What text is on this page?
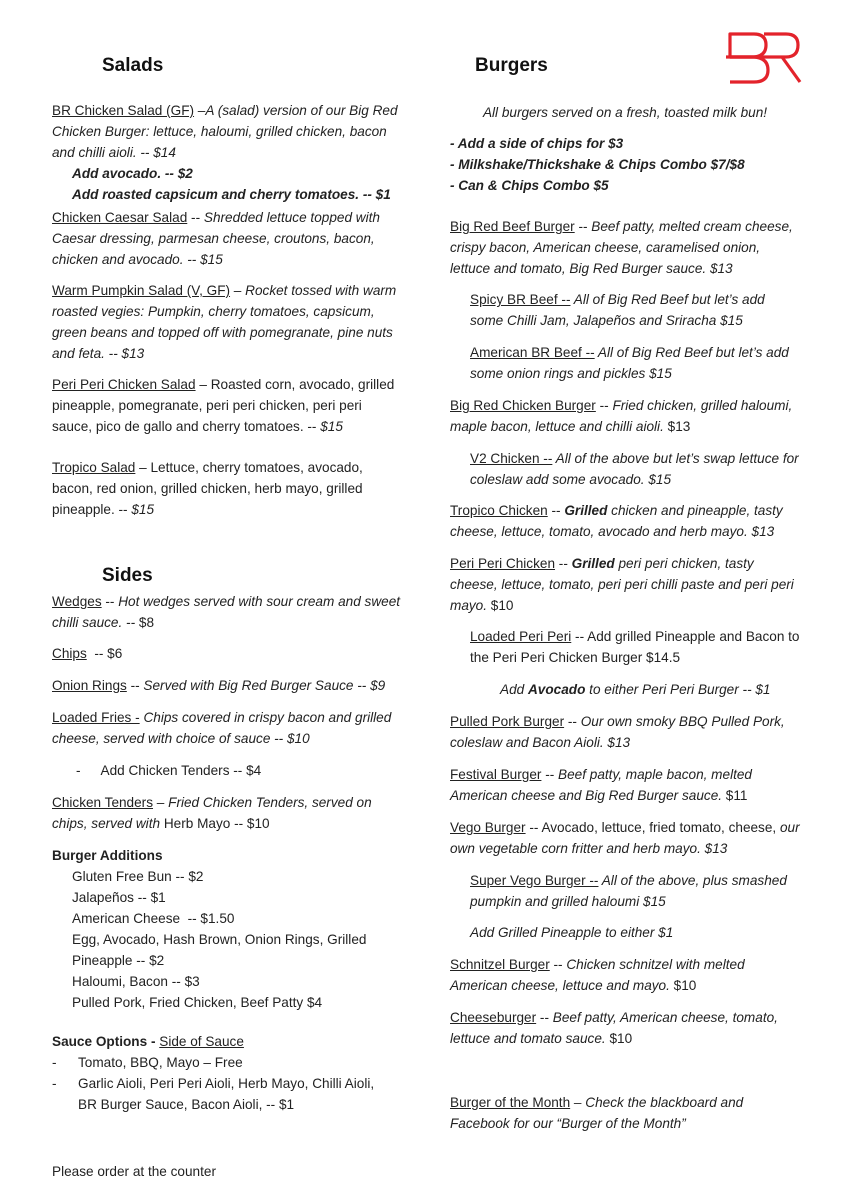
Salads
BR Chicken Salad (GF) –A (salad) version of our Big Red Chicken Burger: lettuce, haloumi, grilled chicken, bacon and chilli aioli. -- $14
Add avocado. -- $2
Add roasted capsicum and cherry tomatoes. -- $1
Chicken Caesar Salad -- Shredded lettuce topped with Caesar dressing, parmesan cheese, croutons, bacon, chicken and avocado. -- $15
Warm Pumpkin Salad (V, GF) – Rocket tossed with warm roasted vegies: Pumpkin, cherry tomatoes, capsicum, green beans and topped off with pomegranate, pine nuts and feta. -- $13
Peri Peri Chicken Salad – Roasted corn, avocado, grilled pineapple, pomegranate, peri peri chicken, peri peri sauce, pico de gallo and cherry tomatoes. -- $15
Tropico Salad – Lettuce, cherry tomatoes, avocado, bacon, red onion, grilled chicken, herb mayo, grilled pineapple. -- $15
Sides
Wedges -- Hot wedges served with sour cream and sweet chilli sauce. -- $8
Chips  -- $6
Onion Rings -- Served with Big Red Burger Sauce -- $9
Loaded Fries - Chips covered in crispy bacon and grilled cheese, served with choice of sauce -- $10
- Add Chicken Tenders -- $4
Chicken Tenders – Fried Chicken Tenders, served on chips, served with Herb Mayo -- $10
Burger Additions
Gluten Free Bun -- $2
Jalapeños -- $1
American Cheese  -- $1.50
Egg, Avocado, Hash Brown, Onion Rings, Grilled
Pineapple -- $2
Haloumi, Bacon -- $3
Pulled Pork, Fried Chicken, Beef Patty $4
Sauce Options - Side of Sauce
- Tomato, BBQ, Mayo – Free
- Garlic Aioli, Peri Peri Aioli, Herb Mayo, Chilli Aioli,
BR Burger Sauce, Bacon Aioli, -- $1
Please order at the counter
Burgers
All burgers served on a fresh, toasted milk bun!
- Add a side of chips for $3
- Milkshake/Thickshake & Chips Combo $7/$8
- Can & Chips Combo $5
Big Red Beef Burger -- Beef patty, melted cream cheese, crispy bacon, American cheese, caramelised onion, lettuce and tomato, Big Red Burger sauce. $13
Spicy BR Beef -- All of Big Red Beef but let’s add some Chilli Jam, Jalapeños and Sriracha $15
American BR Beef -- All of Big Red Beef but let’s add some onion rings and pickles $15
Big Red Chicken Burger -- Fried chicken, grilled haloumi, maple bacon, lettuce and chilli aioli. $13
V2 Chicken -- All of the above but let’s swap lettuce for coleslaw add some avocado. $15
Tropico Chicken -- Grilled chicken and pineapple, tasty cheese, lettuce, tomato, avocado and herb mayo. $13
Peri Peri Chicken -- Grilled peri peri chicken, tasty cheese, lettuce, tomato, peri peri chilli paste and peri peri mayo. $10
Loaded Peri Peri -- Add grilled Pineapple and Bacon to the Peri Peri Chicken Burger $14.5
Add Avocado to either Peri Peri Burger -- $1
Pulled Pork Burger -- Our own smoky BBQ Pulled Pork, coleslaw and Bacon Aioli. $13
Festival Burger -- Beef patty, maple bacon, melted American cheese and Big Red Burger sauce. $11
Vego Burger -- Avocado, lettuce, fried tomato, cheese, our own vegetable corn fritter and herb mayo. $13
Super Vego Burger -- All of the above, plus smashed pumpkin and grilled haloumi $15
Add Grilled Pineapple to either $1
Schnitzel Burger -- Chicken schnitzel with melted American cheese, lettuce and mayo. $10
Cheeseburger -- Beef patty, American cheese, tomato, lettuce and tomato sauce. $10
Burger of the Month – Check the blackboard and Facebook for our “Burger of the Month”
